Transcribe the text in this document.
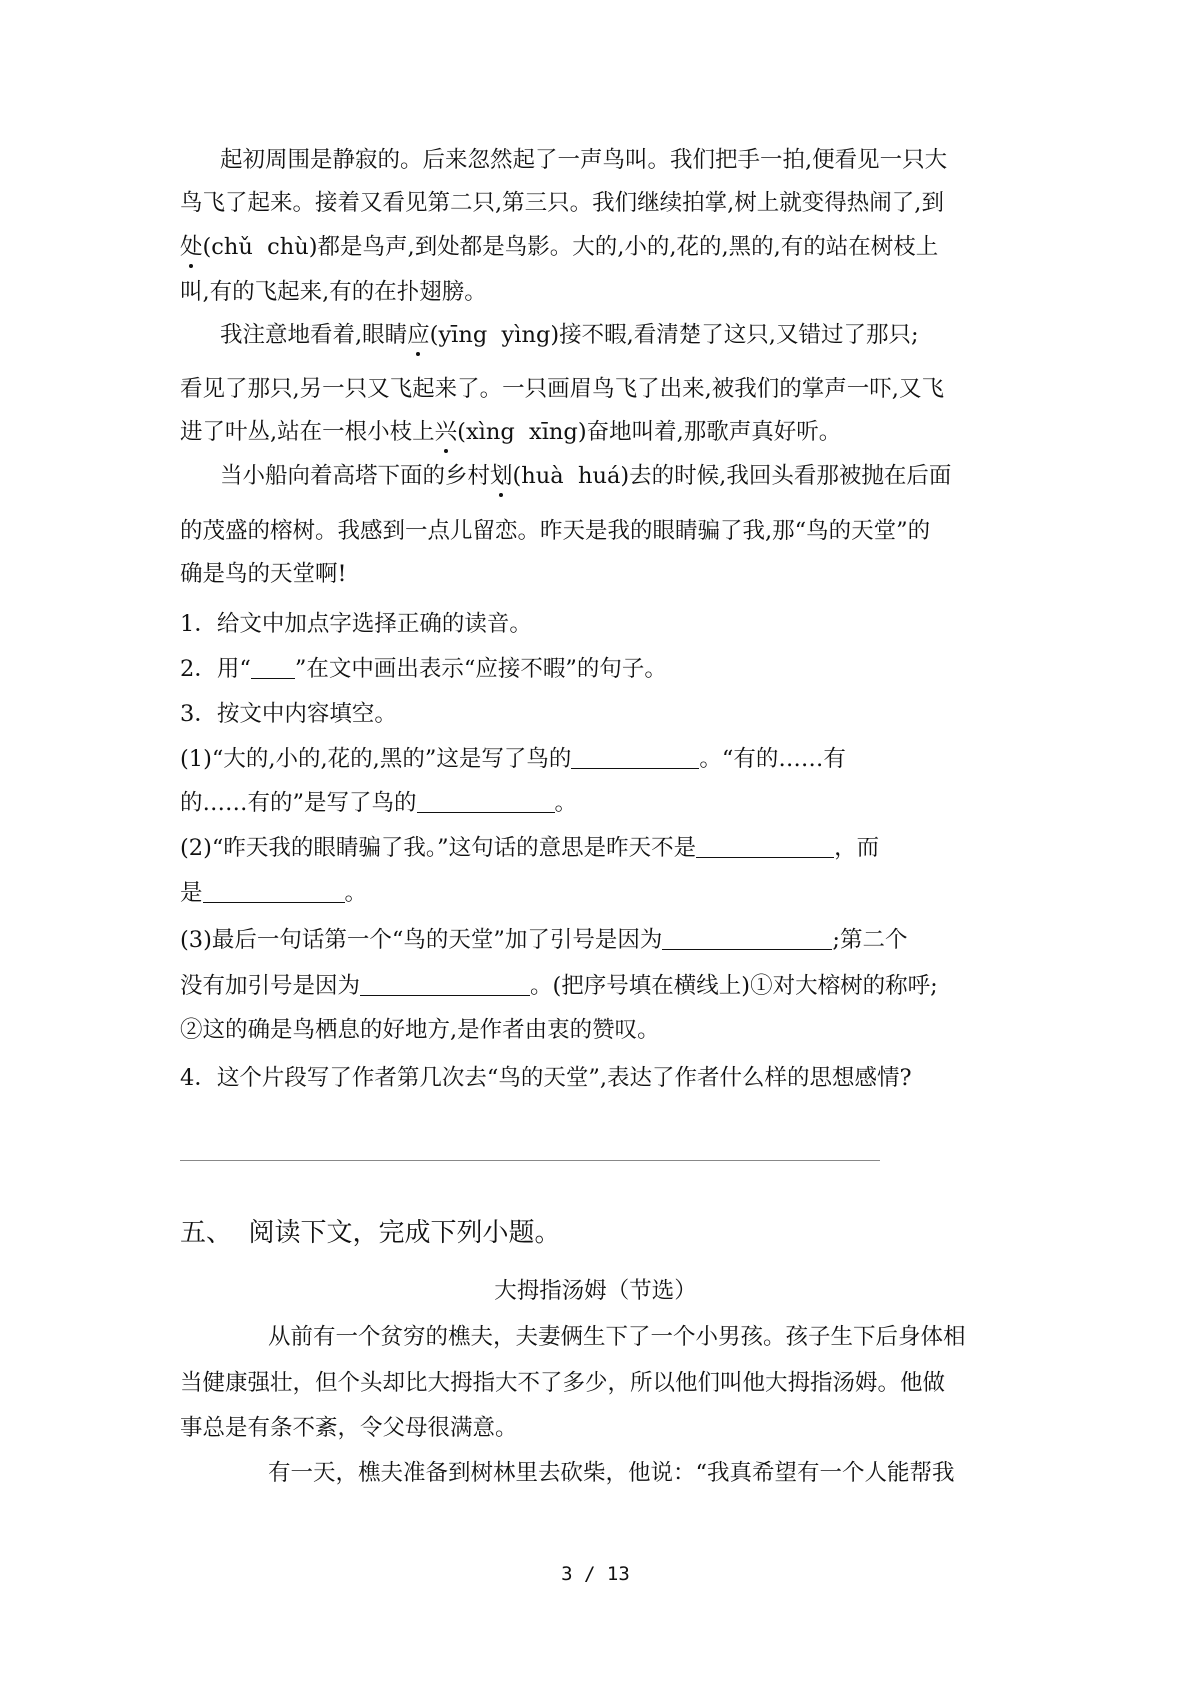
起初周围是静寂的。后来忽然起了一声鸟叫。我们把手一拍,便看见一只大
鸟飞了起来。接着又看见第二只,第三只。我们继续拍掌,树上就变得热闹了,到
处(chǔ  chù)都是鸟声,到处都是鸟影。大的,小的,花的,黑的,有的站在树枝上
叫,有的飞起来,有的在扑翅膀。
我注意地看着,眼睛应(yīng  yìng)接不暇,看清楚了这只,又错过了那只;
看见了那只,另一只又飞起来了。一只画眉鸟飞了出来,被我们的掌声一吓,又飞
进了叶丛,站在一根小枝上兴(xìng  xīng)奋地叫着,那歌声真好听。
当小船向着高塔下面的乡村划(huà  huá)去的时候,我回头看那被抛在后面
的茂盛的榕树。我感到一点儿留恋。昨天是我的眼睛骗了我,那“鸟的天堂”的
确是鸟的天堂啊!
1．给文中加点字选择正确的读音。
2．用“ ”在文中画出表示“应接不暇”的句子。
3．按文中内容填空。
(1)“大的,小的,花的,黑的”这是写了鸟的	。“有的……有
的……有的”是写了鸟的	。
(2)“昨天我的眼睛骗了我。”这句话的意思是昨天不是	，而
是	。
(3)最后一句话第一个“鸟的天堂”加了引号是因为	;第二个
没有加引号是因为	。(把序号填在横线上)①对大榕树的称呼;
②这的确是鸟栖息的好地方,是作者由衷的赞叹。
4．这个片段写了作者第几次去“鸟的天堂”,表达了作者什么样的思想感情?
五、  阅读下文，完成下列小题。
大拇指汤姆（节选）
从前有一个贫穷的樵夫，夫妻俩生下了一个小男孩。孩子生下后身体相
当健康强壮，但个头却比大拇指大不了多少，所以他们叫他大拇指汤姆。他做
事总是有条不紊，令父母很满意。
有一天，樵夫准备到树林里去砍柴，他说：“我真希望有一个人能帮我
3 / 13
